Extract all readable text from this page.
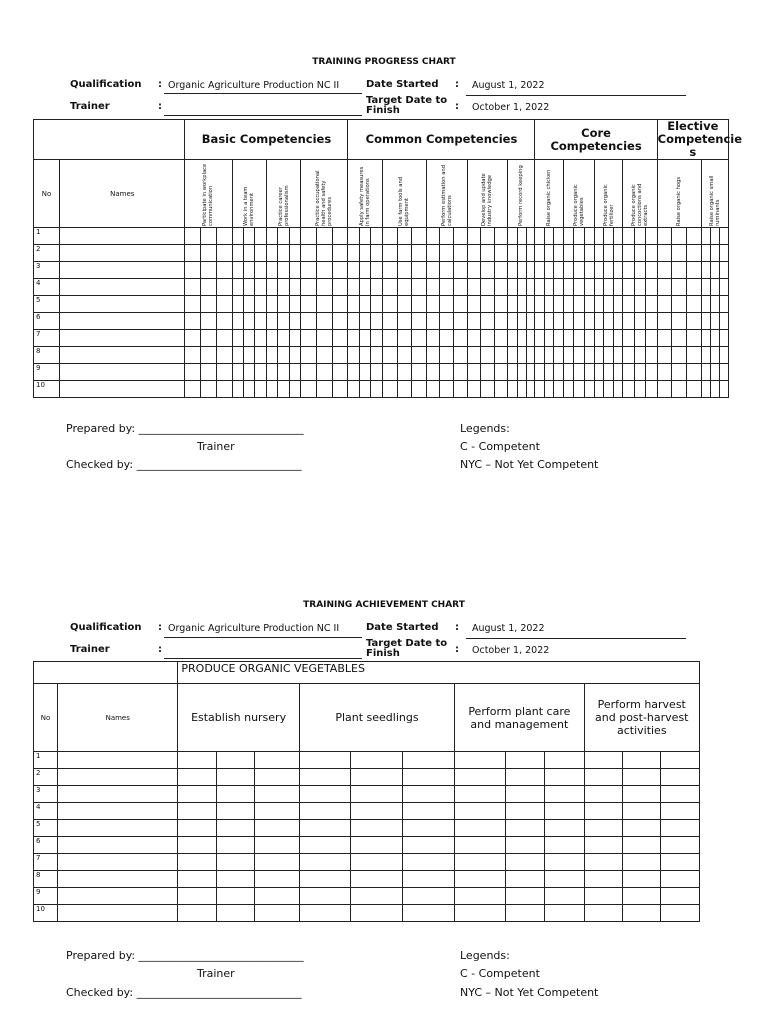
TRAINING PROGRESS CHART
Qualification : Organic Agriculture Production NC II
Trainer	:
Date Started : August 1, 2022
Target Date to
Finish	: October 1, 2022
		Basic Competencies												Common Competencies															Core Competencies												Elective Competencie s					
No	Names	Participate in workplace communication			Work in a team environment			Practice career professionalism			Practice occupational health and safety procedures			Apply safety measures in farm operations			Use farm tools and equipment			Perform estimation and calculations			Develop and update industry knowledge			Perform record keeping			Raise organic chicken			Produce organic vegetables			Produce organic fertilizer			Produce organic concoctions and extracts			Raise organic hogs			Raise organic small ruminants		

1																																														
2																																														
3																																														
4																																														
5																																														
6																																														
7																																														
8																																														
9																																														
10																																														
Prepared by: ______________________________
Trainer
Checked by: ______________________________
Legends:
C - Competent
NYC – Not Yet Competent
TRAINING ACHIEVEMENT CHART
Qualification : Organic Agriculture Production NC II
Trainer	:
Date Started : August 1, 2022
Target Date to
Finish	: October 1, 2022
		PRODUCE ORGANIC VEGETABLES											
No	Names	Establish nursery			Plant seedlings			Perform plant care and management			Perform harvest and post-harvest activities		
1													
2													
3													
4													
5													
6													
7													
8													
9													
10													
Prepared by: ______________________________
Trainer
Checked by: ______________________________
Legends:
C - Competent
NYC – Not Yet Competent
